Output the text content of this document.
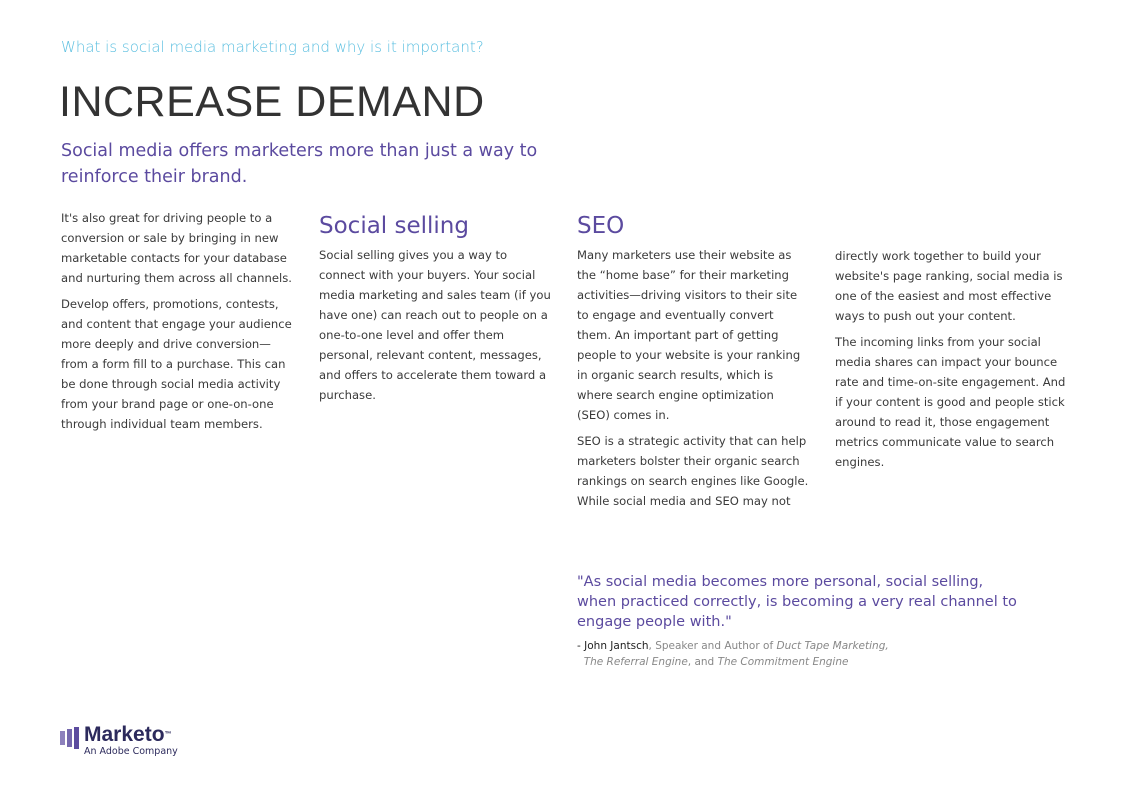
What is social media marketing and why is it important?
INCREASE DEMAND
Social media offers marketers more than just a way to reinforce their brand.

It's also great for driving people to a conversion or sale by bringing in new marketable contacts for your database and nurturing them across all channels.

Develop offers, promotions, contests, and content that engage your audience more deeply and drive conversion—from a form fill to a purchase. This can be done through social media activity from your brand page or one-on-one through individual team members.

Social selling

Social selling gives you a way to connect with your buyers. Your social media marketing and sales team (if you have one) can reach out to people on a one-to-one level and offer them personal, relevant content, messages, and offers to accelerate them toward a purchase.

SEO

Many marketers use their website as the “home base” for their marketing activities—driving visitors to their site to engage and eventually convert them. An important part of getting people to your website is your ranking in organic search results, which is where search engine optimization (SEO) comes in.

SEO is a strategic activity that can help marketers bolster their organic search rankings on search engines like Google. While social media and SEO may not

directly work together to build your website's page ranking, social media is one of the easiest and most effective ways to push out your content.

The incoming links from your social media shares can impact your bounce rate and time-on-site engagement. And if your content is good and people stick around to read it, those engagement metrics communicate value to search engines.

"As social media becomes more personal, social selling, when practiced correctly, is becoming a very real channel to engage people with."
- John Jantsch, Speaker and Author of Duct Tape Marketing,
The Referral Engine, and The Commitment Engine
Marketo™
An Adobe Company
